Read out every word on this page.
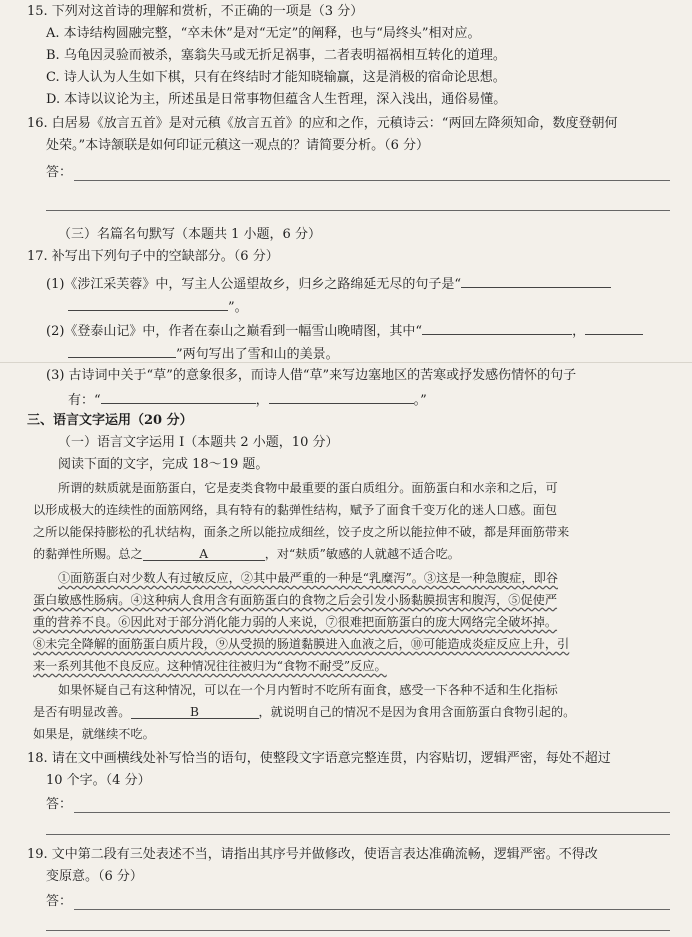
15. 下列对这首诗的理解和赏析，不正确的一项是（3 分）
A. 本诗结构圆融完整，“卒未休”是对“无定”的阐释，也与“局终头”相对应。
B. 乌龟因灵验而被杀，塞翁失马或无折足祸事，二者表明福祸相互转化的道理。
C. 诗人认为人生如下棋，只有在终结时才能知晓输赢，这是消极的宿命论思想。
D. 本诗以议论为主，所述虽是日常事物但蕴含人生哲理，深入浅出，通俗易懂。
16. 白居易《放言五首》是对元稹《放言五首》的应和之作，元稹诗云：“两回左降须知命，数度登朝何
处荣。”本诗颔联是如何印证元稹这一观点的？请简要分析。（6 分）
答：
（三）名篇名句默写（本题共 1 小题，6 分）
17. 补写出下列句子中的空缺部分。（6 分）
(1)《涉江采芙蓉》中，写主人公遥望故乡，归乡之路绵延无尽的句子是“
”。
(2)《登泰山记》中，作者在泰山之巅看到一幅雪山晚晴图，其中“	，
”两句写出了雪和山的美景。
(3) 古诗词中关于“草”的意象很多，而诗人借“草”来写边塞地区的苦寒或抒发感伤情怀的句子
有：“	，	。”
三、语言文字运用（20 分）
（一）语言文字运用 Ⅰ（本题共 2 小题，10 分）
阅读下面的文字，完成 18～19 题。
所谓的麸质就是面筋蛋白，它是麦类食物中最重要的蛋白质组分。面筋蛋白和水亲和之后，可
以形成极大的连续性的面筋网络，具有特有的黏弹性结构，赋予了面食千变万化的迷人口感。面包
之所以能保持膨松的孔状结构，面条之所以能拉成细丝，饺子皮之所以能拉伸不破，都是拜面筋带来
的黏弹性所赐。总之	A	，对“麸质”敏感的人就越不适合吃。
①面筋蛋白对少数人有过敏反应，②其中最严重的一种是“乳糜泻”。③这是一种急腹症，即谷
蛋白敏感性肠病。④这种病人食用含有面筋蛋白的食物之后会引发小肠黏膜损害和腹泻，⑤促使严
重的营养不良。⑥因此对于部分消化能力弱的人来说，⑦很难把面筋蛋白的庞大网络完全破坏掉。
⑧未完全降解的面筋蛋白质片段，⑨从受损的肠道黏膜进入血液之后，⑩可能造成炎症反应上升，引
来一系列其他不良反应。这种情况往往被归为“食物不耐受”反应。
如果怀疑自己有这种情况，可以在一个月内暂时不吃所有面食，感受一下各种不适和生化指标
是否有明显改善。	B	，就说明自己的情况不是因为食用含面筋蛋白食物引起的。
如果是，就继续不吃。
18. 请在文中画横线处补写恰当的语句，使整段文字语意完整连贯，内容贴切，逻辑严密，每处不超过
10 个字。（4 分）
答：
19. 文中第二段有三处表述不当，请指出其序号并做修改，使语言表达准确流畅，逻辑严密。不得改
变原意。（6 分）
答：
